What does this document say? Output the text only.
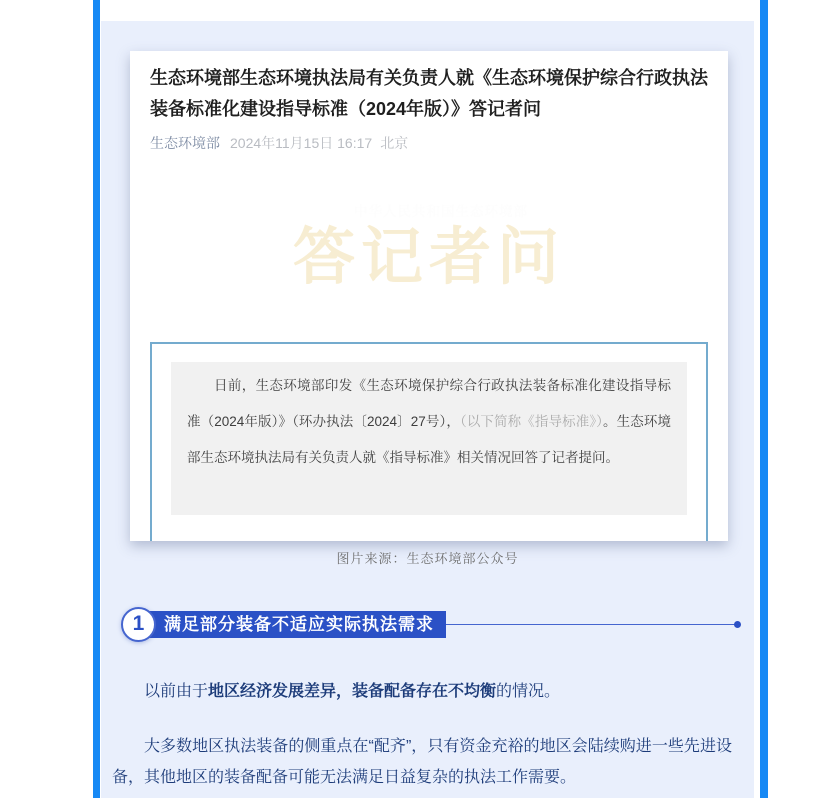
生态环境部生态环境执法局有关负责人就《生态环境保护综合行政执法装备标准化建设指导标准（2024年版）》答记者问
生态环境部 2024年11月15日 16:17 北京
中华人民共和国生态环境部
答记者问

日前，生态环境部印发《生态环境保护综合行政执法装备标准化建设指导标准（2024年版）》（环办执法〔2024〕27号），（以下简称《指导标准》）。生态环境部生态环境执法局有关负责人就《指导标准》相关情况回答了记者提问。

图片来源：生态环境部公众号
1	满足部分装备不适应实际执法需求

以前由于地区经济发展差异，装备配备存在不均衡的情况。

大多数地区执法装备的侧重点在“配齐”，只有资金充裕的地区会陆续购进一些先进设备，其他地区的装备配备可能无法满足日益复杂的执法工作需要。
